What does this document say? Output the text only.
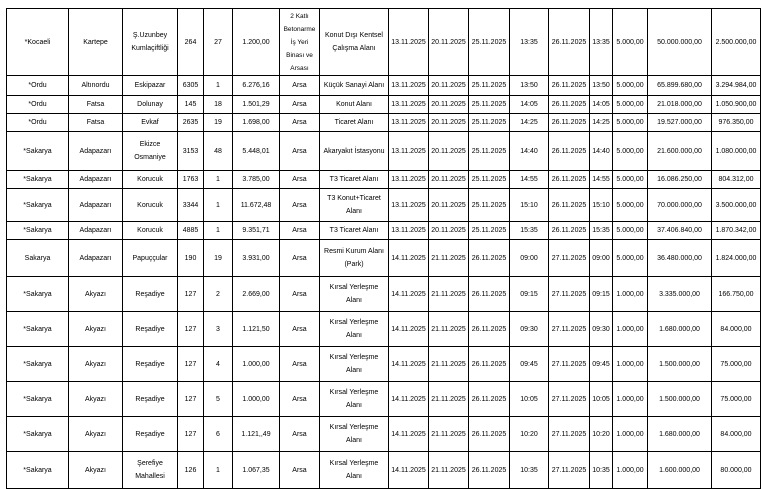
*Kocaeli	Kartepe	Ş.Uzunbey Kumlaçiftliği	264	27	1.200,00	2 Katlı Betonarme İş Yeri Binası ve Arsası	Konut Dışı Kentsel Çalışma Alanı	13.11.2025	20.11.2025	25.11.2025	13:35	26.11.2025	13:35	5.000,00	50.000.000,00	2.500.000,00
*Ordu	Altınordu	Eskipazar	6305	1	6.276,16	Arsa	Küçük Sanayi Alanı	13.11.2025	20.11.2025	25.11.2025	13:50	26.11.2025	13:50	5.000,00	65.899.680,00	3.294.984,00
*Ordu	Fatsa	Dolunay	145	18	1.501,29	Arsa	Konut Alanı	13.11.2025	20.11.2025	25.11.2025	14:05	26.11.2025	14:05	5.000,00	21.018.000,00	1.050.900,00
*Ordu	Fatsa	Evkaf	2635	19	1.698,00	Arsa	Ticaret Alanı	13.11.2025	20.11.2025	25.11.2025	14:25	26.11.2025	14:25	5.000,00	19.527.000,00	976.350,00
*Sakarya	Adapazarı	Ekizce Osmaniye	3153	48	5.448,01	Arsa	Akaryakıt İstasyonu	13.11.2025	20.11.2025	25.11.2025	14:40	26.11.2025	14:40	5.000,00	21.600.000,00	1.080.000,00
*Sakarya	Adapazarı	Korucuk	1763	1	3.785,00	Arsa	T3 Ticaret Alanı	13.11.2025	20.11.2025	25.11.2025	14:55	26.11.2025	14:55	5.000,00	16.086.250,00	804.312,00
*Sakarya	Adapazarı	Korucuk	3344	1	11.672,48	Arsa	T3 Konut+Ticaret Alanı	13.11.2025	20.11.2025	25.11.2025	15:10	26.11.2025	15:10	5.000,00	70.000.000,00	3.500.000,00
*Sakarya	Adapazarı	Korucuk	4885	1	9.351,71	Arsa	T3 Ticaret Alanı	13.11.2025	20.11.2025	25.11.2025	15:35	26.11.2025	15:35	5.000,00	37.406.840,00	1.870.342,00
Sakarya	Adapazarı	Papuççular	190	19	3.931,00	Arsa	Resmi Kurum Alanı (Park)	14.11.2025	21.11.2025	26.11.2025	09:00	27.11.2025	09:00	5.000,00	36.480.000,00	1.824.000,00
*Sakarya	Akyazı	Reşadiye	127	2	2.669,00	Arsa	Kırsal Yerleşme Alanı	14.11.2025	21.11.2025	26.11.2025	09:15	27.11.2025	09:15	1.000,00	3.335.000,00	166.750,00
*Sakarya	Akyazı	Reşadiye	127	3	1.121,50	Arsa	Kırsal Yerleşme Alanı	14.11.2025	21.11.2025	26.11.2025	09:30	27.11.2025	09:30	1.000,00	1.680.000,00	84.000,00
*Sakarya	Akyazı	Reşadiye	127	4	1.000,00	Arsa	Kırsal Yerleşme Alanı	14.11.2025	21.11.2025	26.11.2025	09:45	27.11.2025	09:45	1.000,00	1.500.000,00	75.000,00
*Sakarya	Akyazı	Reşadiye	127	5	1.000,00	Arsa	Kırsal Yerleşme Alanı	14.11.2025	21.11.2025	26.11.2025	10:05	27.11.2025	10:05	1.000,00	1.500.000,00	75.000,00
*Sakarya	Akyazı	Reşadiye	127	6	1.121,,49	Arsa	Kırsal Yerleşme Alanı	14.11.2025	21.11.2025	26.11.2025	10:20	27.11.2025	10:20	1.000,00	1.680.000,00	84.000,00
*Sakarya	Akyazı	Şerefiye Mahallesi	126	1	1.067,35	Arsa	Kırsal Yerleşme Alanı	14.11.2025	21.11.2025	26.11.2025	10:35	27.11.2025	10:35	1.000,00	1.600.000,00	80.000,00
